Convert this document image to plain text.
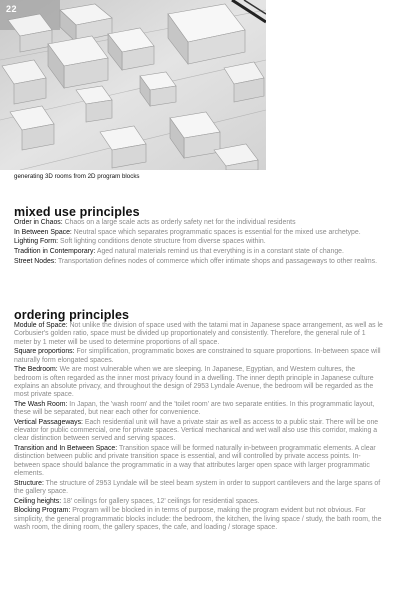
22
generating 3D rooms from 2D program blocks
mixed use principles

Order in Chaos: Chaos on a large scale acts as orderly safety net for the individual residents

In Between Space: Neutral space which separates programmatic spaces is essential for the mixed use archetype.

Lighting Form: Soft lighting conditions denote structure from diverse spaces within.

Tradition in Contemporary: Aged natural materials remind us that everything is in a constant state of change.

Street Nodes: Transportation defines nodes of commerce which offer intimate shops and passageways to other realms.

ordering principles

Module of Space: Not unlike the division of space used with the tatami mat in Japanese space arrangement, as well as le Corbusier's golden ratio, space must be divided up proportionately and consistently. Therefore, the general rule of 1 meter by 1 meter will be used to determine proportions of all space.

Square proportions: For simplification, programmatic boxes are constrained to square proportions. In-between space will naturally form elongated spaces.

The Bedroom: We are most vulnerable when we are sleeping. In Japanese, Egyptian, and Western cultures, the bedroom is often regarded as the inner most privacy found in a dwelling. The inner depth principle in Japanese culture explains an absolute privacy, and throughout the design of 2953 Lyndale Avenue, the bedroom will be regarded as the most private space.

The Wash Room: In Japan, the 'wash room' and the 'toilet room' are two separate entities. In this programmatic layout, these will be separated, but near each other for convenience.

Vertical Passageways: Each residential unit will have a private stair as well as access to a public stair. There will be one elevator for public commercial, one for private spaces. Vertical mechanical and wet wall also use this corridor, making a clear distinction between served and serving spaces.

Transition and In Between Space: Transition space will be formed naturally in-between programmatic elements. A clear distinction between public and private transition space is essential, and will controlled by private access points. In-between space should balance the programmatic in a way that attributes larger open space with larger programmatic elements.

Structure: The structure of 2953 Lyndale will be steel beam system in order to support cantilevers and the large spans of the gallery space.

Ceiling heights: 18' ceilings for gallery spaces, 12' ceilings for residential spaces.

Blocking Program: Program will be blocked in in terms of purpose, making the program evident but not obvious. For simplicity, the general programmatic blocks include: the bedroom, the kitchen, the living space / study, the bath room, the wash room, the dining room, the gallery spaces, the cafe, and loading / storage space.
